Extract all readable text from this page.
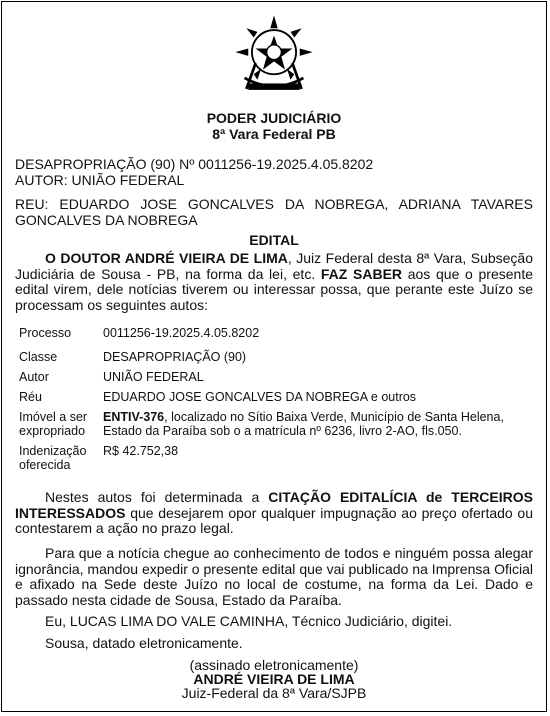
PODER JUDICIÁRIO
8ª Vara Federal PB

DESAPROPRIAÇÃO (90) Nº 0011256-19.2025.4.05.8202

AUTOR: UNIÃO FEDERAL

REU: EDUARDO JOSE GONCALVES DA NOBREGA, ADRIANA TAVARES GONCALVES DA NOBREGA

EDITAL

O DOUTOR ANDRÉ VIEIRA DE LIMA, Juiz Federal desta 8ª Vara, Subseção Judiciária de Sousa - PB, na forma da lei, etc. FAZ SABER aos que o presente edital virem, dele notícias tiverem ou interessar possa, que perante este Juízo se processam os seguintes autos:

Processo	0011256-19.2025.4.05.8202
Classe	DESAPROPRIAÇÃO (90)
Autor	UNIÃO FEDERAL
Réu	EDUARDO JOSE GONCALVES DA NOBREGA e outros
Imóvel a ser expropriado	ENTIV-376, localizado no Sítio Baixa Verde, Município de Santa Helena, Estado da Paraíba sob o a matrícula nº 6236, livro 2-AO, fls.050.
Indenização oferecida	R$ 42.752,38

Nestes autos foi determinada a CITAÇÃO EDITALÍCIA de TERCEIROS INTERESSADOS que desejarem opor qualquer impugnação ao preço ofertado ou contestarem a ação no prazo legal.

Para que a notícia chegue ao conhecimento de todos e ninguém possa alegar ignorância, mandou expedir o presente edital que vai publicado na Imprensa Oficial e afixado na Sede deste Juízo no local de costume, na forma da Lei. Dado e passado nesta cidade de Sousa, Estado da Paraíba.

Eu, LUCAS LIMA DO VALE CAMINHA, Técnico Judiciário, digitei.

Sousa, datado eletronicamente.

(assinado eletronicamente)
ANDRÉ VIEIRA DE LIMA
Juiz-Federal da 8ª Vara/SJPB
